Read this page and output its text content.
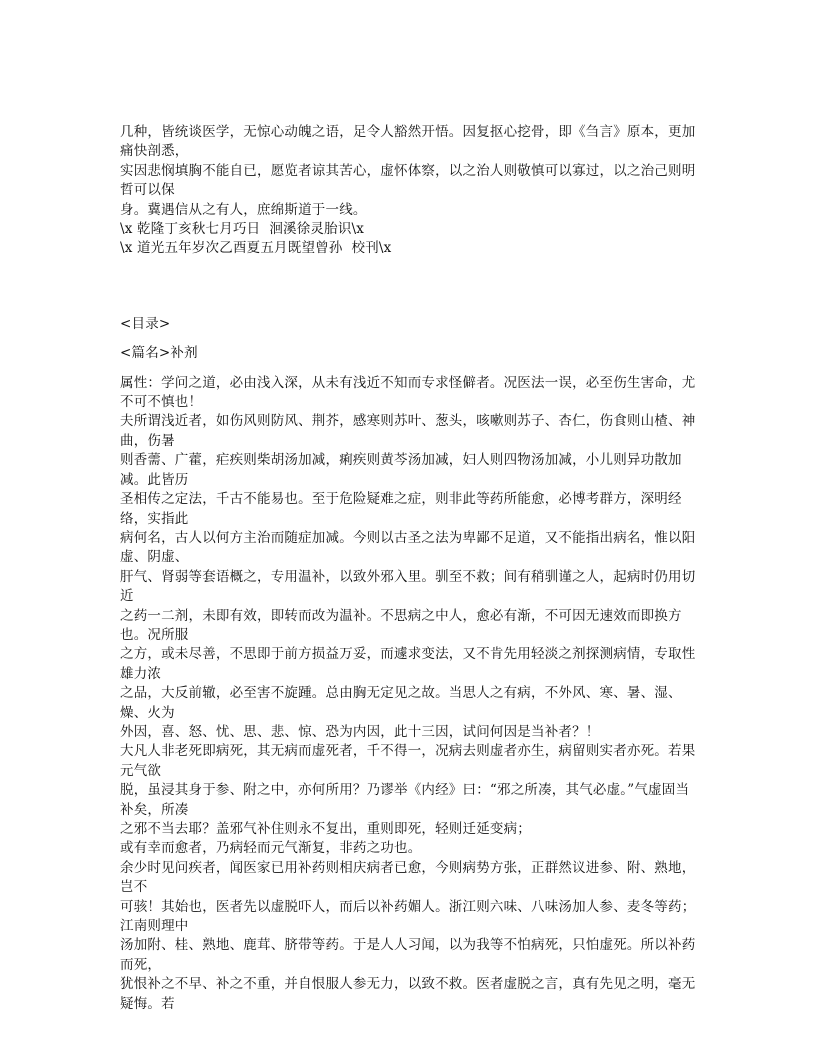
几种，皆统谈医学，无惊心动魄之语，足令人豁然开悟。因复抠心挖骨，即《刍言》原本，更加痛快剖悉，

实因悲悯填胸不能自已，愿览者谅其苦心，虚怀体察，以之治人则敬慎可以寡过，以之治己则明哲可以保

身。冀遇信从之有人，庶绵斯道于一线。

\x 乾隆丁亥秋七月巧日  洄溪徐灵胎识\x

\x 道光五年岁次乙酉夏五月既望曾孙  校刊\x

<目录>

<篇名>补剂

属性：学问之道，必由浅入深，从未有浅近不知而专求怪僻者。况医法一误，必至伤生害命，尤不可不慎也！

夫所谓浅近者，如伤风则防风、荆芥，感寒则苏叶、葱头，咳嗽则苏子、杏仁，伤食则山楂、神曲，伤暑

则香薷、广藿，疟疾则柴胡汤加减，痢疾则黄芩汤加减，妇人则四物汤加减，小儿则异功散加减。此皆历

圣相传之定法，千古不能易也。至于危险疑难之症，则非此等药所能愈，必博考群方，深明经络，实指此

病何名，古人以何方主治而随症加减。今则以古圣之法为卑鄙不足道，又不能指出病名，惟以阳虚、阴虚、

肝气、肾弱等套语概之，专用温补，以致外邪入里。驯至不救；间有稍驯谨之人，起病时仍用切近

之药一二剂，未即有效，即转而改为温补。不思病之中人，愈必有渐，不可因无速效而即换方也。况所服

之方，或未尽善，不思即于前方损益万妥，而遽求变法，又不肯先用轻淡之剂探测病情，专取性雄力浓

之品，大反前辙，必至害不旋踵。总由胸无定见之故。当思人之有病，不外风、寒、暑、湿、燥、火为

外因，喜、怒、忧、思、悲、惊、恐为内因，此十三因，试问何因是当补者？！

大凡人非老死即病死，其无病而虚死者，千不得一，况病去则虚者亦生，病留则实者亦死。若果元气欲

脱，虽浸其身于参、附之中，亦何所用？乃谬举《内经》曰：“邪之所凑，其气必虚。”气虚固当补矣，所凑

之邪不当去耶？盖邪气补住则永不复出，重则即死，轻则迁延变病；

或有幸而愈者，乃病轻而元气渐复，非药之功也。

余少时见问疾者，闻医家已用补药则相庆病者已愈，今则病势方张，正群然议进参、附、熟地，岂不

可骇！其始也，医者先以虚脱吓人，而后以补药媚人。浙江则六味、八味汤加人参、麦冬等药；江南则理中

汤加附、桂、熟地、鹿茸、脐带等药。于是人人习闻，以为我等不怕病死，只怕虚死。所以补药而死，

犹恨补之不早、补之不重，并自恨服人参无力，以致不救。医者虚脱之言，真有先见之明，毫无疑悔。若
